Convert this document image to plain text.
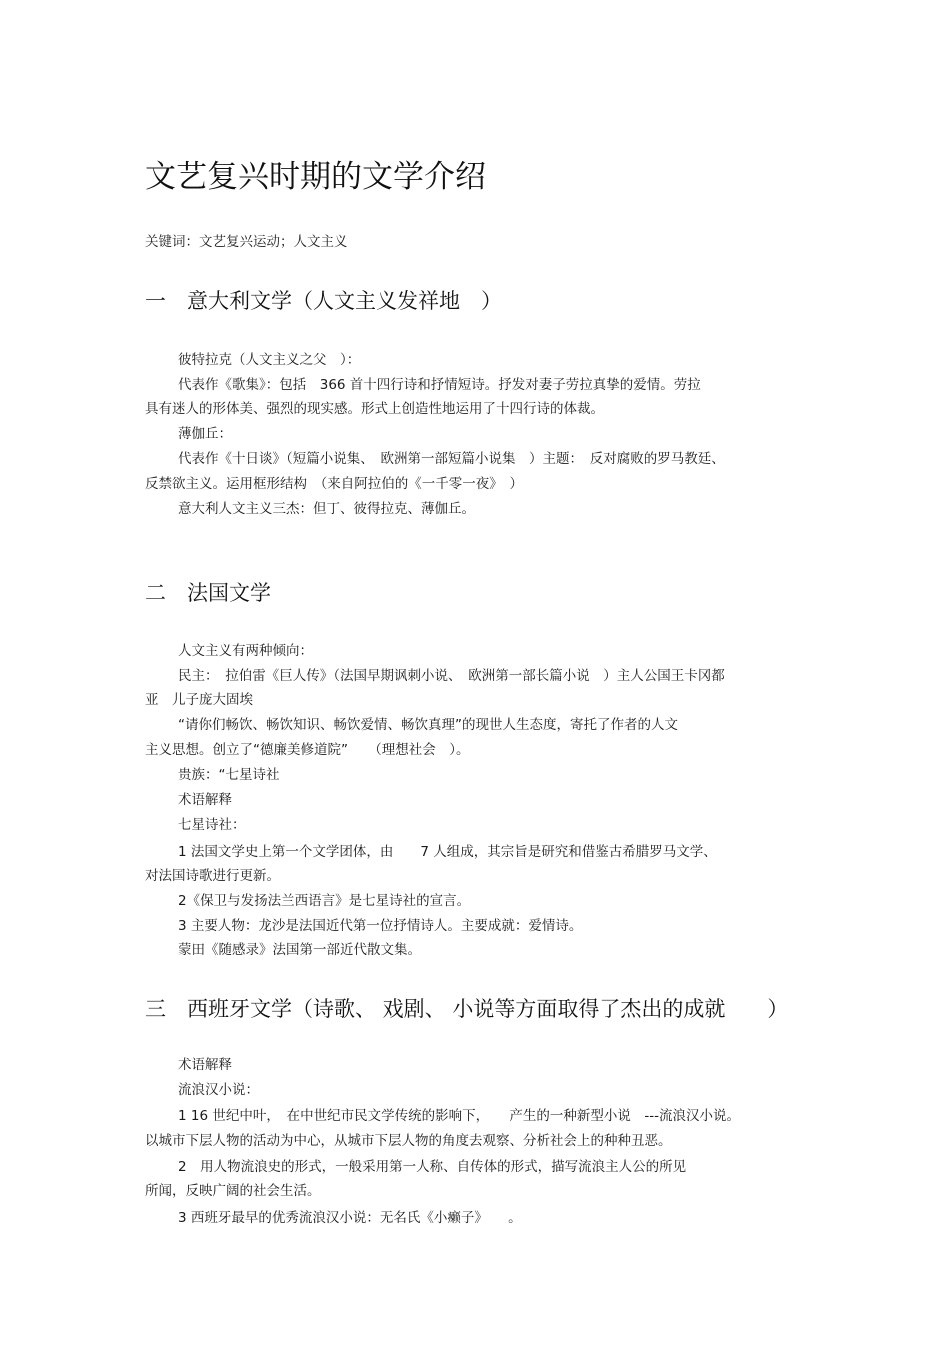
文艺复兴时期的文学介绍
关键词：文艺复兴运动；人文主义
一　意大利文学（人文主义发祥地　）
彼特拉克（人文主义之父　）：
代表作《歌集》：包括　366 首十四行诗和抒情短诗。抒发对妻子劳拉真挚的爱情。劳拉
具有迷人的形体美、强烈的现实感。形式上创造性地运用了十四行诗的体裁。
薄伽丘：
代表作《十日谈》（短篇小说集、　欧洲第一部短篇小说集　）主题：　反对腐败的罗马教廷、
反禁欲主义。运用框形结构　（来自阿拉伯的《一千零一夜》　）
意大利人文主义三杰：但丁、彼得拉克、薄伽丘。
二　法国文学
人文主义有两种倾向：
民主：　拉伯雷《巨人传》（法国早期讽刺小说、　欧洲第一部长篇小说　）主人公国王卡冈都
亚　儿子庞大固埃
“请你们畅饮、畅饮知识、畅饮爱情、畅饮真理”的现世人生态度，寄托了作者的人文
主义思想。创立了“德廉美修道院”　　（理想社会　）。
贵族：“七星诗社
术语解释
七星诗社：
1 法国文学史上第一个文学团体，由　　7 人组成，其宗旨是研究和借鉴古希腊罗马文学、
对法国诗歌进行更新。
2《保卫与发扬法兰西语言》是七星诗社的宣言。
3 主要人物：龙沙是法国近代第一位抒情诗人。主要成就：爱情诗。
蒙田《随感录》法国第一部近代散文集。
三　西班牙文学（诗歌、 戏剧、 小说等方面取得了杰出的成就　　）
术语解释
流浪汉小说：
1 16 世纪中叶，　在中世纪市民文学传统的影响下，　　产生的一种新型小说　---流浪汉小说。
以城市下层人物的活动为中心，从城市下层人物的角度去观察、分析社会上的种种丑恶。
2　用人物流浪史的形式，一般采用第一人称、自传体的形式，描写流浪主人公的所见
所闻，反映广阔的社会生活。
3 西班牙最早的优秀流浪汉小说：无名氏《小癞子》　　。
